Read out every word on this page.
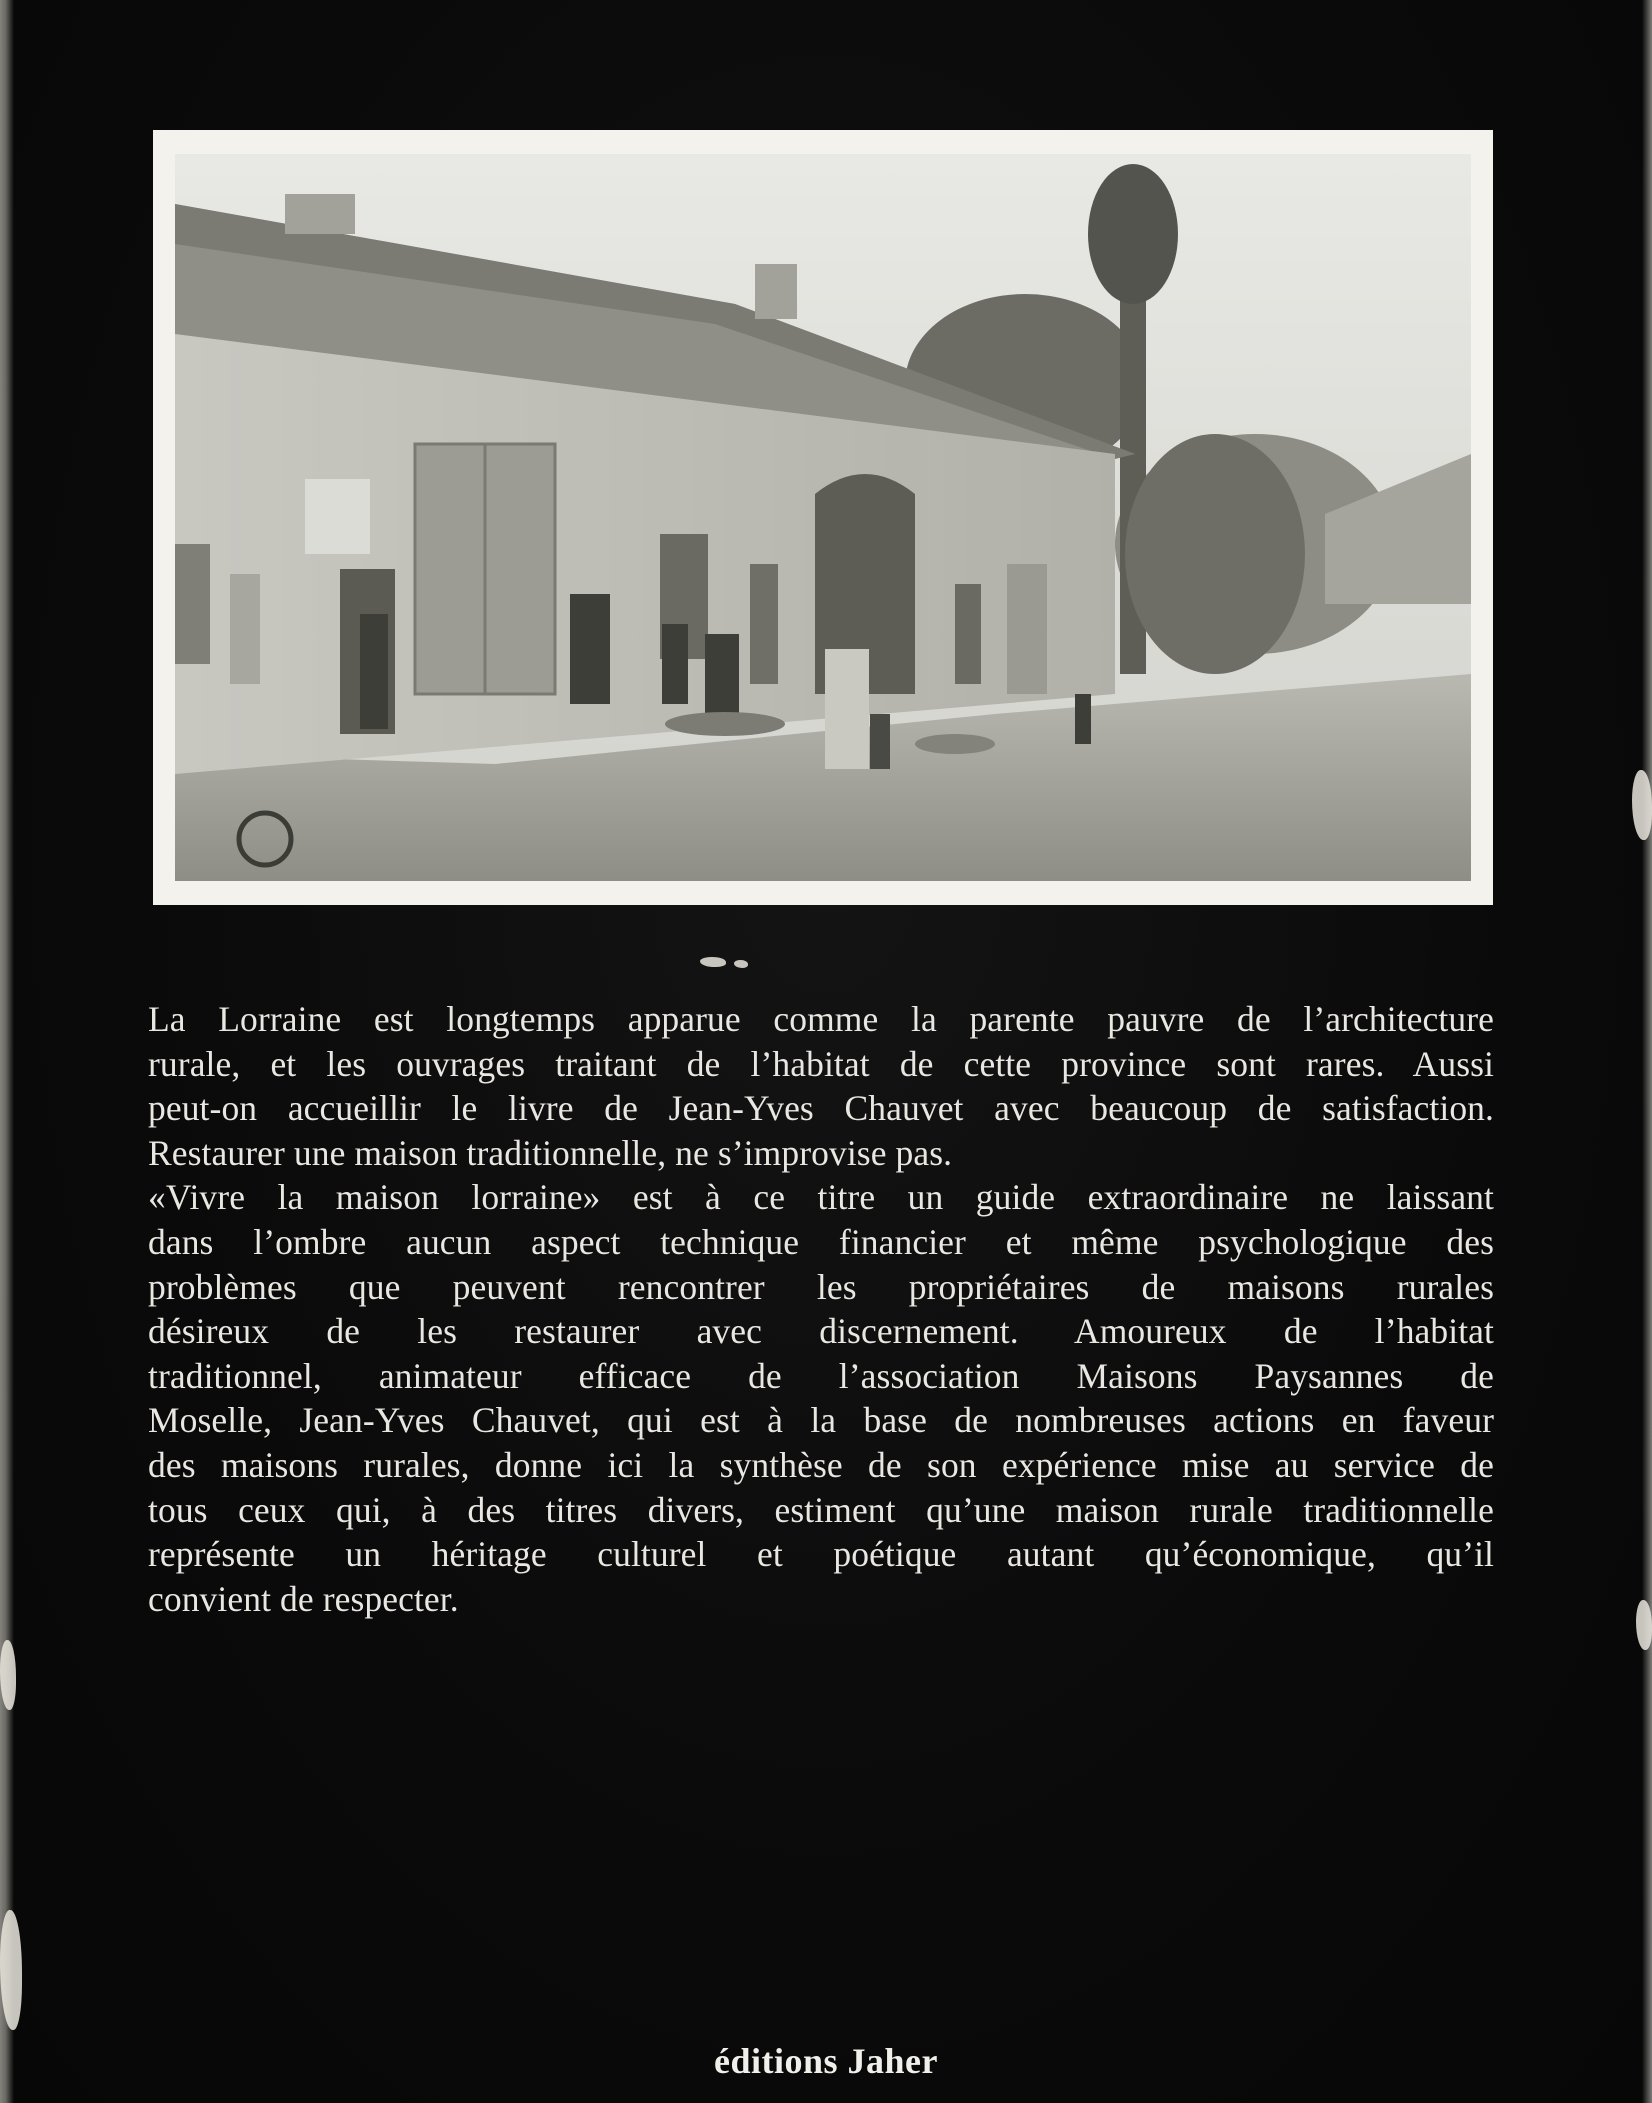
La Lorraine est longtemps apparue comme la parente pauvre de l’architecture
rurale, et les ouvrages traitant de l’habitat de cette province sont rares. Aussi
peut-on accueillir le livre de Jean-Yves Chauvet avec beaucoup de satisfaction.
Restaurer une maison traditionnelle, ne s’improvise pas.
«Vivre la maison lorraine» est à ce titre un guide extraordinaire ne laissant
dans l’ombre aucun aspect technique financier et même psychologique des
problèmes que peuvent rencontrer les propriétaires de maisons rurales
désireux de les restaurer avec discernement. Amoureux de l’habitat
traditionnel, animateur efficace de l’association Maisons Paysannes de
Moselle, Jean-Yves Chauvet, qui est à la base de nombreuses actions en faveur
des maisons rurales, donne ici la synthèse de son expérience mise au service de
tous ceux qui, à des titres divers, estiment qu’une maison rurale traditionnelle
représente un héritage culturel et poétique autant qu’économique, qu’il
convient de respecter.

éditions Jaher
